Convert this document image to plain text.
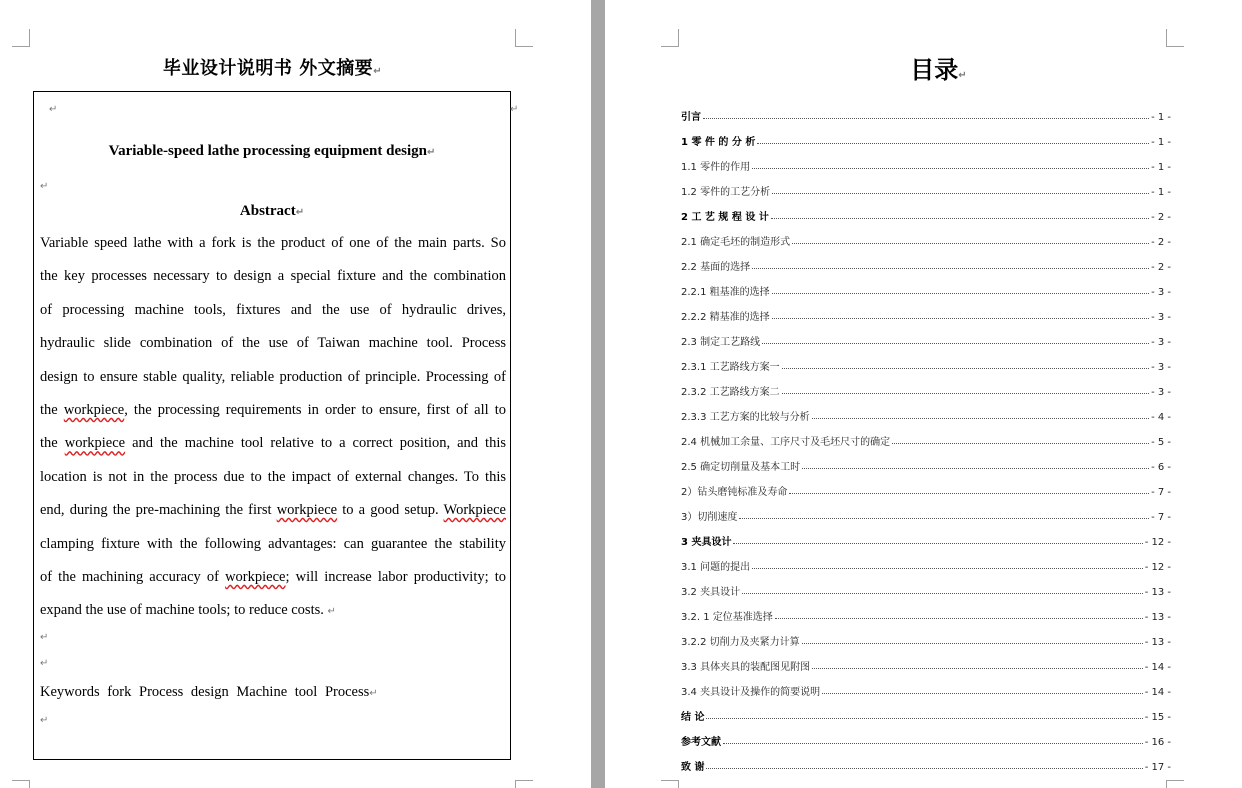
毕业设计说明书 外文摘要↵
↵	↵
Variable-speed lathe processing equipment design↵
↵
Abstract↵
Variable speed lathe with a fork is the product of one of the main parts. So
the key processes necessary to design a special fixture and the combination
of processing machine tools, fixtures and the use of hydraulic drives,
hydraulic slide combination of the use of Taiwan machine tool. Process
design to ensure stable quality, reliable production of principle. Processing of
the workpiece, the processing requirements in order to ensure, first of all to
the workpiece and the machine tool relative to a correct position, and this
location is not in the process due to the impact of external changes. To this
end, during the pre-machining the first workpiece to a good setup. Workpiece
clamping fixture with the following advantages: can guarantee the stability
of the machining accuracy of workpiece; will increase labor productivity; to
expand the use of machine tools; to reduce costs. ↵
↵
↵
Keywords fork Process design Machine tool Process↵
↵
目录↵
引言	- 1 -
1 零 件 的 分 析	- 1 -
1.1 零件的作用	- 1 -
1.2 零件的工艺分析	- 1 -
2 工 艺 规 程 设 计	- 2 -
2.1 确定毛坯的制造形式	- 2 -
2.2 基面的选择	- 2 -
2.2.1 粗基准的选择	- 3 -
2.2.2 精基准的选择	- 3 -
2.3 制定工艺路线	- 3 -
2.3.1 工艺路线方案一	- 3 -
2.3.2 工艺路线方案二	- 3 -
2.3.3 工艺方案的比较与分析	- 4 -
2.4 机械加工余量、工序尺寸及毛坯尺寸的确定	- 5 -
2.5 确定切削量及基本工时	- 6 -
2）钻头磨钝标准及寿命	- 7 -
3）切削速度	- 7 -
3 夹具设计	- 12 -
3.1 问题的提出	- 12 -
3.2 夹具设计	- 13 -
3.2. 1 定位基准选择	- 13 -
3.2.2 切削力及夹紧力计算	- 13 -
3.3 具体夹具的装配图见附图	- 14 -
3.4 夹具设计及操作的简要说明	- 14 -
结 论	- 15 -
参考文献	- 16 -
致 谢	- 17 -
